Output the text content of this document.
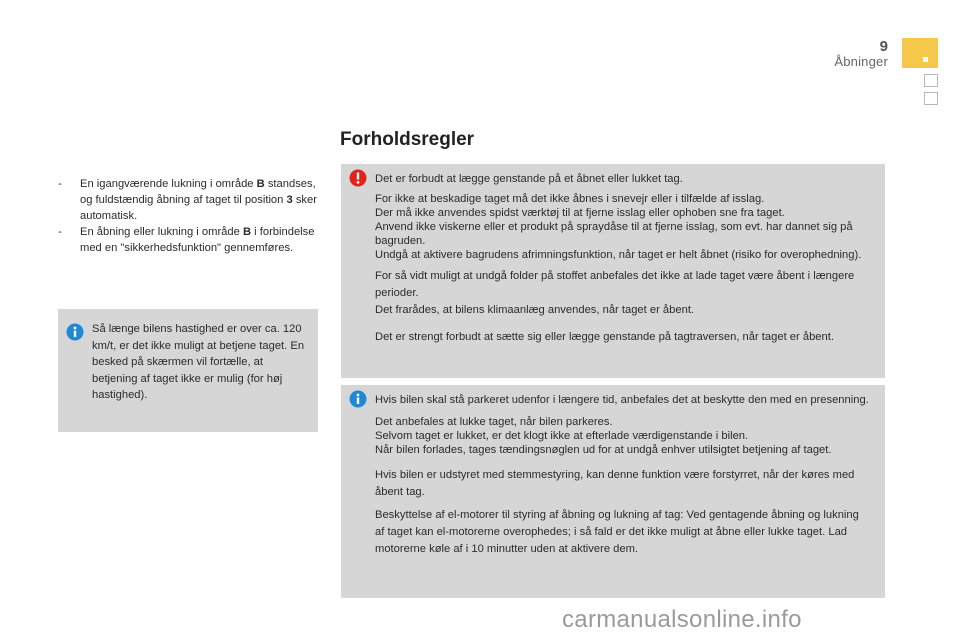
9
Åbninger
Forholdsregler
- En igangværende lukning i område B standses, og fuldstændig åbning af taget til position 3 sker automatisk.
- En åbning eller lukning i område B i forbindelse med en "sikkerhedsfunktion" gennemføres.

Så længe bilens hastighed er over ca. 120 km/t, er det ikke muligt at betjene taget. En besked på skærmen vil fortælle, at betjening af taget ikke er mulig (for høj hastighed).

Det er forbudt at lægge genstande på et åbnet eller lukket tag.

For ikke at beskadige taget må det ikke åbnes i snevejr eller i tilfælde af isslag.

Der må ikke anvendes spidst værktøj til at fjerne isslag eller ophoben sne fra taget.

Anvend ikke viskerne eller et produkt på spraydåse til at fjerne isslag, som evt. har dannet sig på bagruden.

Undgå at aktivere bagrudens afrimningsfunktion, når taget er helt åbnet (risiko for overophedning).

For så vidt muligt at undgå folder på stoffet anbefales det ikke at lade taget være åbent i længere perioder.

Det frarådes, at bilens klimaanlæg anvendes, når taget er åbent.

Det er strengt forbudt at sætte sig eller lægge genstande på tagtraversen, når taget er åbent.

Hvis bilen skal stå parkeret udenfor i længere tid, anbefales det at beskytte den med en presenning.

Det anbefales at lukke taget, når bilen parkeres.

Selvom taget er lukket, er det klogt ikke at efterlade værdigenstande i bilen.

Når bilen forlades, tages tændingsnøglen ud for at undgå enhver utilsigtet betjening af taget.

Hvis bilen er udstyret med stemmestyring, kan denne funktion være forstyrret, når der køres med åbent tag.

Beskyttelse af el-motorer til styring af åbning og lukning af tag: Ved gentagende åbning og lukning af taget kan el-motorerne overophedes; i så fald er det ikke muligt at åbne eller lukke taget. Lad motorerne køle af i 10 minutter uden at aktivere dem.

carmanualsonline.info
